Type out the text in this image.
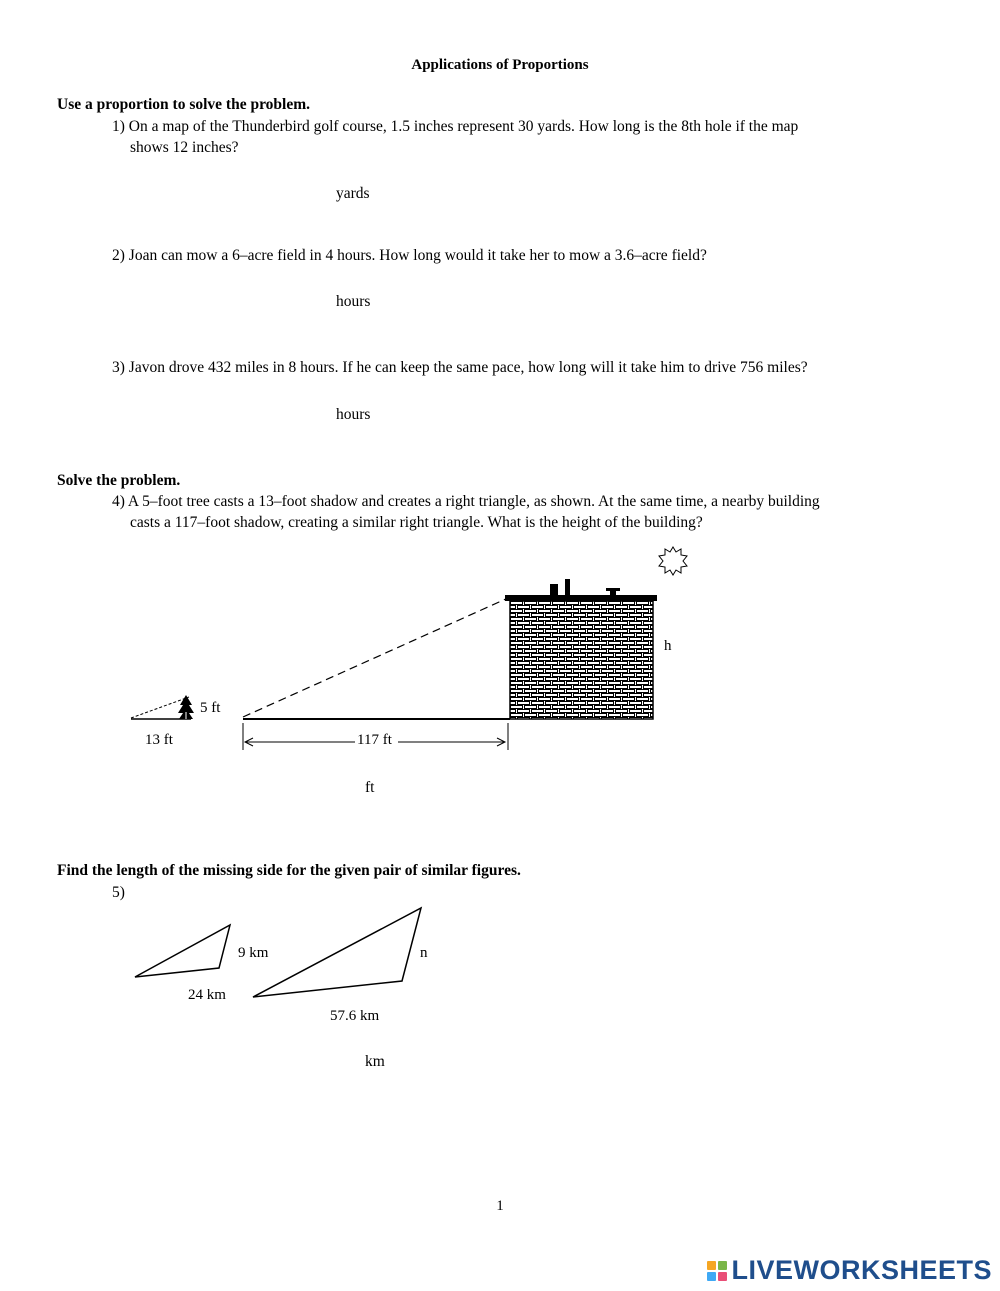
Applications of Proportions
Use a proportion to solve the problem.
1) On a map of the Thunderbird golf course, 1.5 inches represent 30 yards. How long is the 8th hole if the map
shows 12 inches?
yards
2) Joan can mow a 6–acre field in 4 hours. How long would it take her to mow a 3.6–acre field?
hours
3) Javon drove 432 miles in 8 hours. If he can keep the same pace, how long will it take him to drive 756 miles?
hours
Solve the problem.
4) A 5–foot tree casts a 13–foot shadow and creates a right triangle, as shown. At the same time, a nearby building
casts a 117–foot shadow, creating a similar right triangle. What is the height of the building?
5 ft
13 ft	117 ft
h
ft
Find the length of the missing side for the given pair of similar figures.
5)
9 km
24 km
n
57.6 km
km
1
LIVEWORKSHEETS
